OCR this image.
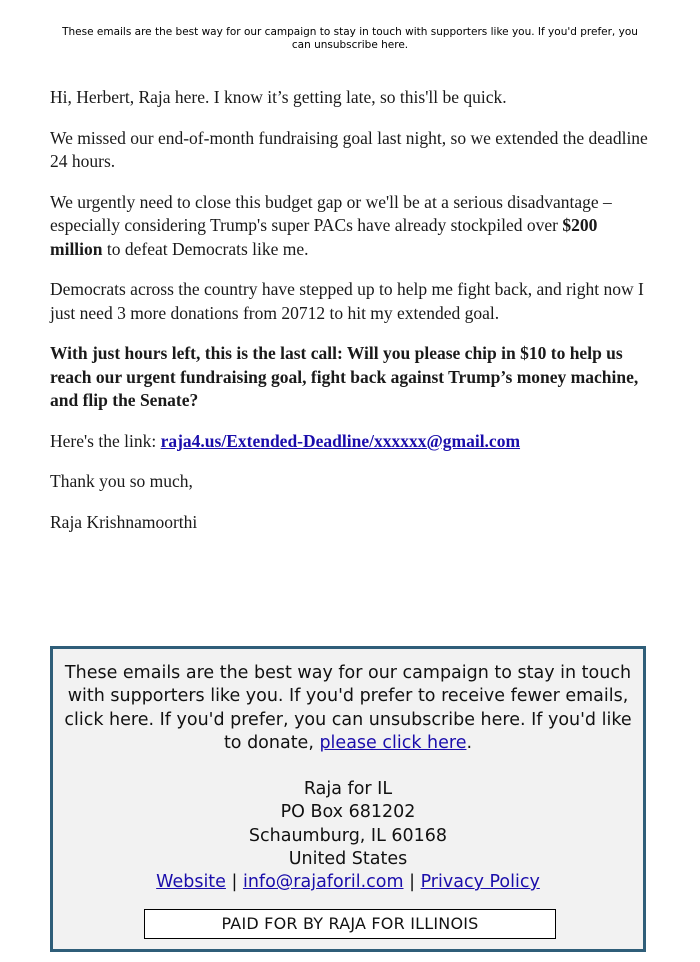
These emails are the best way for our campaign to stay in touch with supporters like you. If you'd prefer, you can unsubscribe here.

Hi, Herbert, Raja here. I know it’s getting late, so this'll be quick.

We missed our end-of-month fundraising goal last night, so we extended the deadline 24 hours.

We urgently need to close this budget gap or we'll be at a serious disadvantage – especially considering Trump's super PACs have already stockpiled over $200 million to defeat Democrats like me.

Democrats across the country have stepped up to help me fight back, and right now I just need 3 more donations from 20712 to hit my extended goal.

With just hours left, this is the last call: Will you please chip in $10 to help us reach our urgent fundraising goal, fight back against Trump’s money machine, and flip the Senate?

Here's the link: raja4.us/Extended-Deadline/xxxxxx@gmail.com

Thank you so much,

Raja Krishnamoorthi

These emails are the best way for our campaign to stay in touch with supporters like you. If you'd prefer to receive fewer emails, click here. If you'd prefer, you can unsubscribe here. If you'd like to donate, please click here.
Raja for IL
PO Box 681202
Schaumburg, IL 60168
United States
Website | info@rajaforil.com | Privacy Policy
PAID FOR BY RAJA FOR ILLINOIS
